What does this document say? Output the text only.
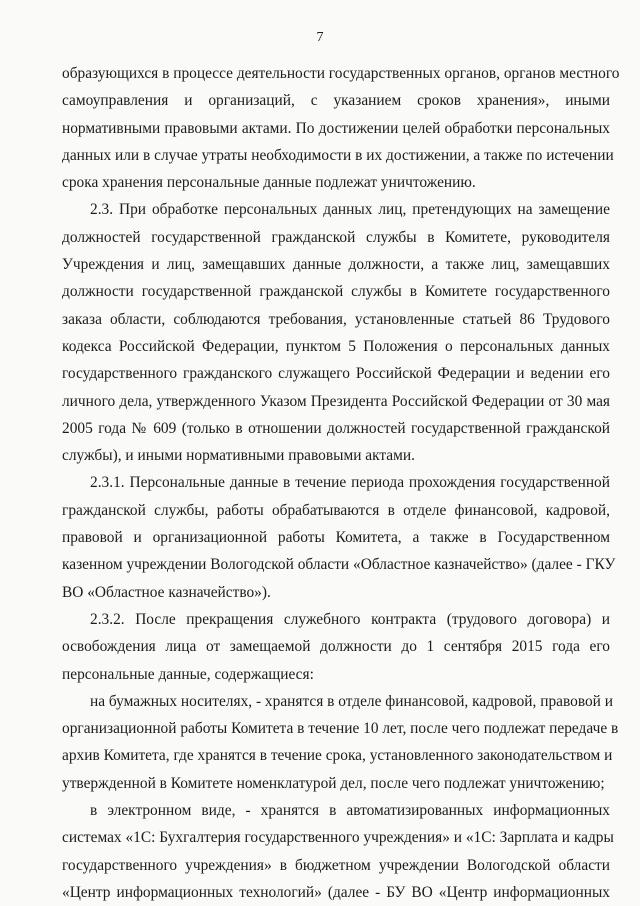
7
образующихся в процессе деятельности государственных органов, органов местного
самоуправления и организаций, с указанием сроков хранения», иными
нормативными правовыми актами. По достижении целей обработки персональных
данных или в случае утраты необходимости в их достижении, а также по истечении
срока хранения персональные данные подлежат уничтожению.
2.3. При обработке персональных данных лиц, претендующих на замещение
должностей государственной гражданской службы в Комитете, руководителя
Учреждения и лиц, замещавших данные должности, а также лиц, замещавших
должности государственной гражданской службы в Комитете государственного
заказа области, соблюдаются требования, установленные статьей 86 Трудового
кодекса Российской Федерации, пунктом 5 Положения о персональных данных
государственного гражданского служащего Российской Федерации и ведении его
личного дела, утвержденного Указом Президента Российской Федерации от 30 мая
2005 года № 609 (только в отношении должностей государственной гражданской
службы), и иными нормативными правовыми актами.
2.3.1. Персональные данные в течение периода прохождения государственной
гражданской службы, работы обрабатываются в отделе финансовой, кадровой,
правовой и организационной работы Комитета, а также в Государственном
казенном учреждении Вологодской области «Областное казначейство» (далее - ГКУ
ВО «Областное казначейство»).
2.3.2. После прекращения служебного контракта (трудового договора) и
освобождения лица от замещаемой должности до 1 сентября 2015 года его
персональные данные, содержащиеся:
на бумажных носителях, - хранятся в отделе финансовой, кадровой, правовой и
организационной работы Комитета в течение 10 лет, после чего подлежат передаче в
архив Комитета, где хранятся в течение срока, установленного законодательством и
утвержденной в Комитете номенклатурой дел, после чего подлежат уничтожению;
в электронном виде, - хранятся в автоматизированных информационных
системах «1С: Бухгалтерия государственного учреждения» и «1С: Зарплата и кадры
государственного учреждения» в бюджетном учреждении Вологодской области
«Центр информационных технологий» (далее - БУ ВО «Центр информационных
